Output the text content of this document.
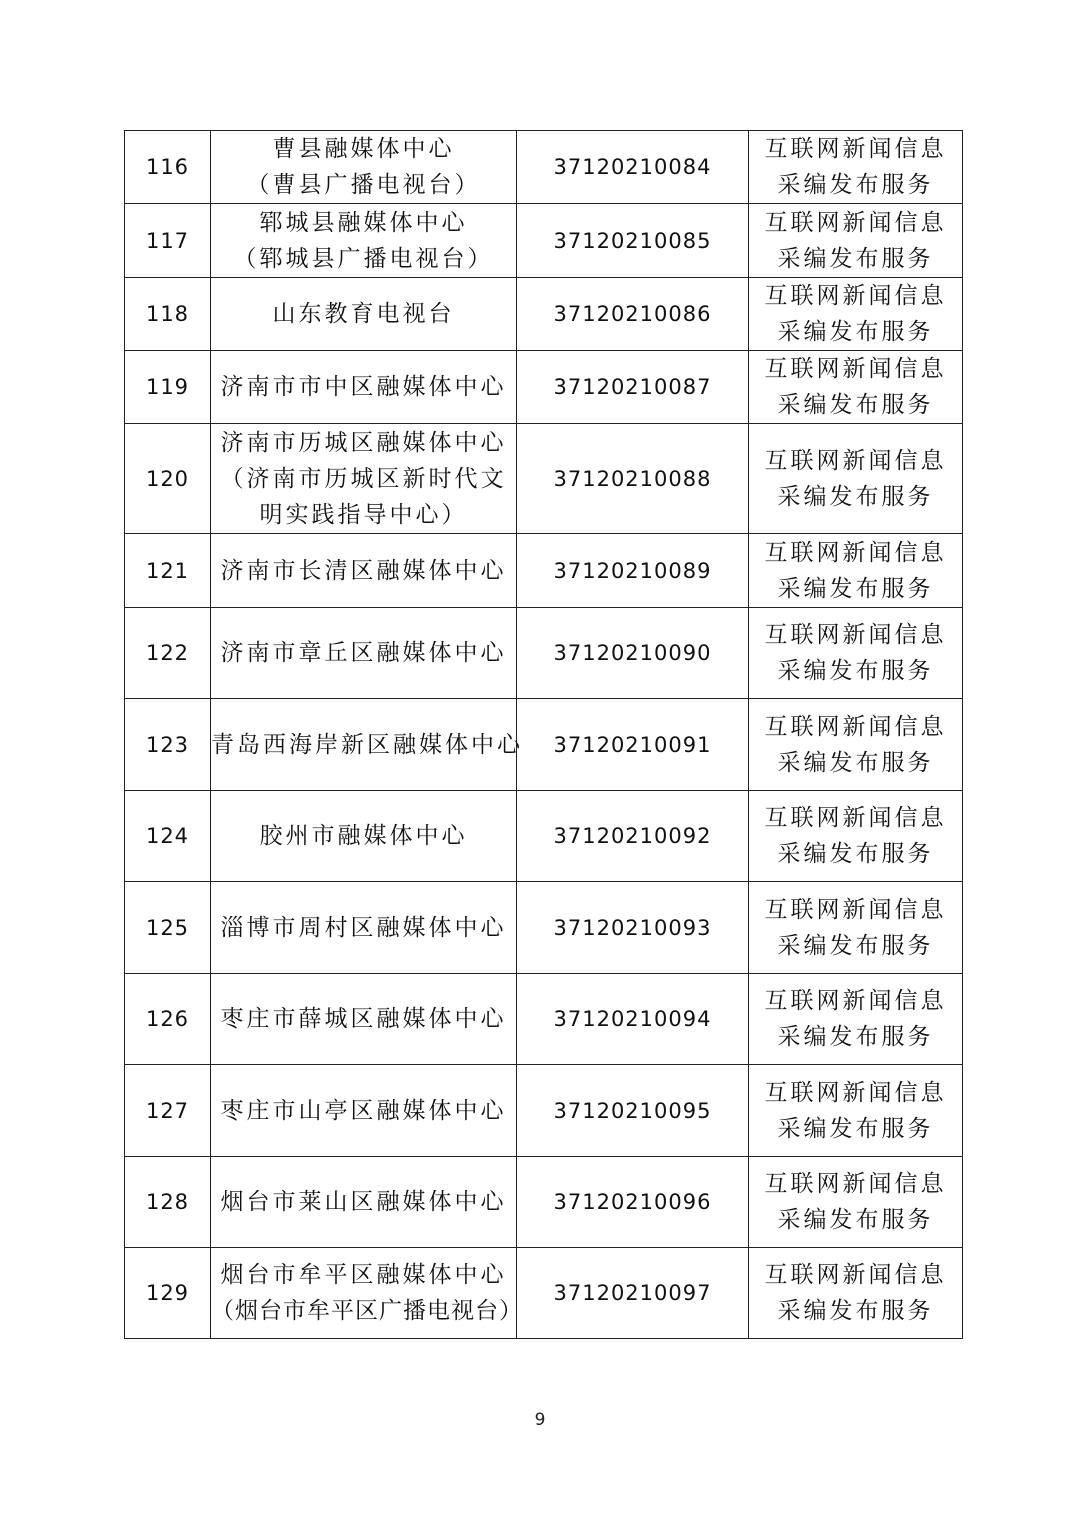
116	曹县融媒体中心
（曹县广播电视台）	37120210084	互联网新闻信息
采编发布服务

117	郓城县融媒体中心
（郓城县广播电视台）	37120210085	互联网新闻信息
采编发布服务

118	山东教育电视台	37120210086	互联网新闻信息
采编发布服务

119	济南市市中区融媒体中心	37120210087	互联网新闻信息
采编发布服务

120	济南市历城区融媒体中心
（济南市历城区新时代文
明实践指导中心）	37120210088	互联网新闻信息
采编发布服务

121	济南市长清区融媒体中心	37120210089	互联网新闻信息
采编发布服务

122	济南市章丘区融媒体中心	37120210090	互联网新闻信息
采编发布服务

123	青岛西海岸新区融媒体中心	37120210091	互联网新闻信息
采编发布服务

124	胶州市融媒体中心	37120210092	互联网新闻信息
采编发布服务

125	淄博市周村区融媒体中心	37120210093	互联网新闻信息
采编发布服务

126	枣庄市薛城区融媒体中心	37120210094	互联网新闻信息
采编发布服务

127	枣庄市山亭区融媒体中心	37120210095	互联网新闻信息
采编发布服务

128	烟台市莱山区融媒体中心	37120210096	互联网新闻信息
采编发布服务

129	烟台市牟平区融媒体中心
（烟台市牟平区广播电视台）	37120210097	互联网新闻信息
采编发布服务
9
